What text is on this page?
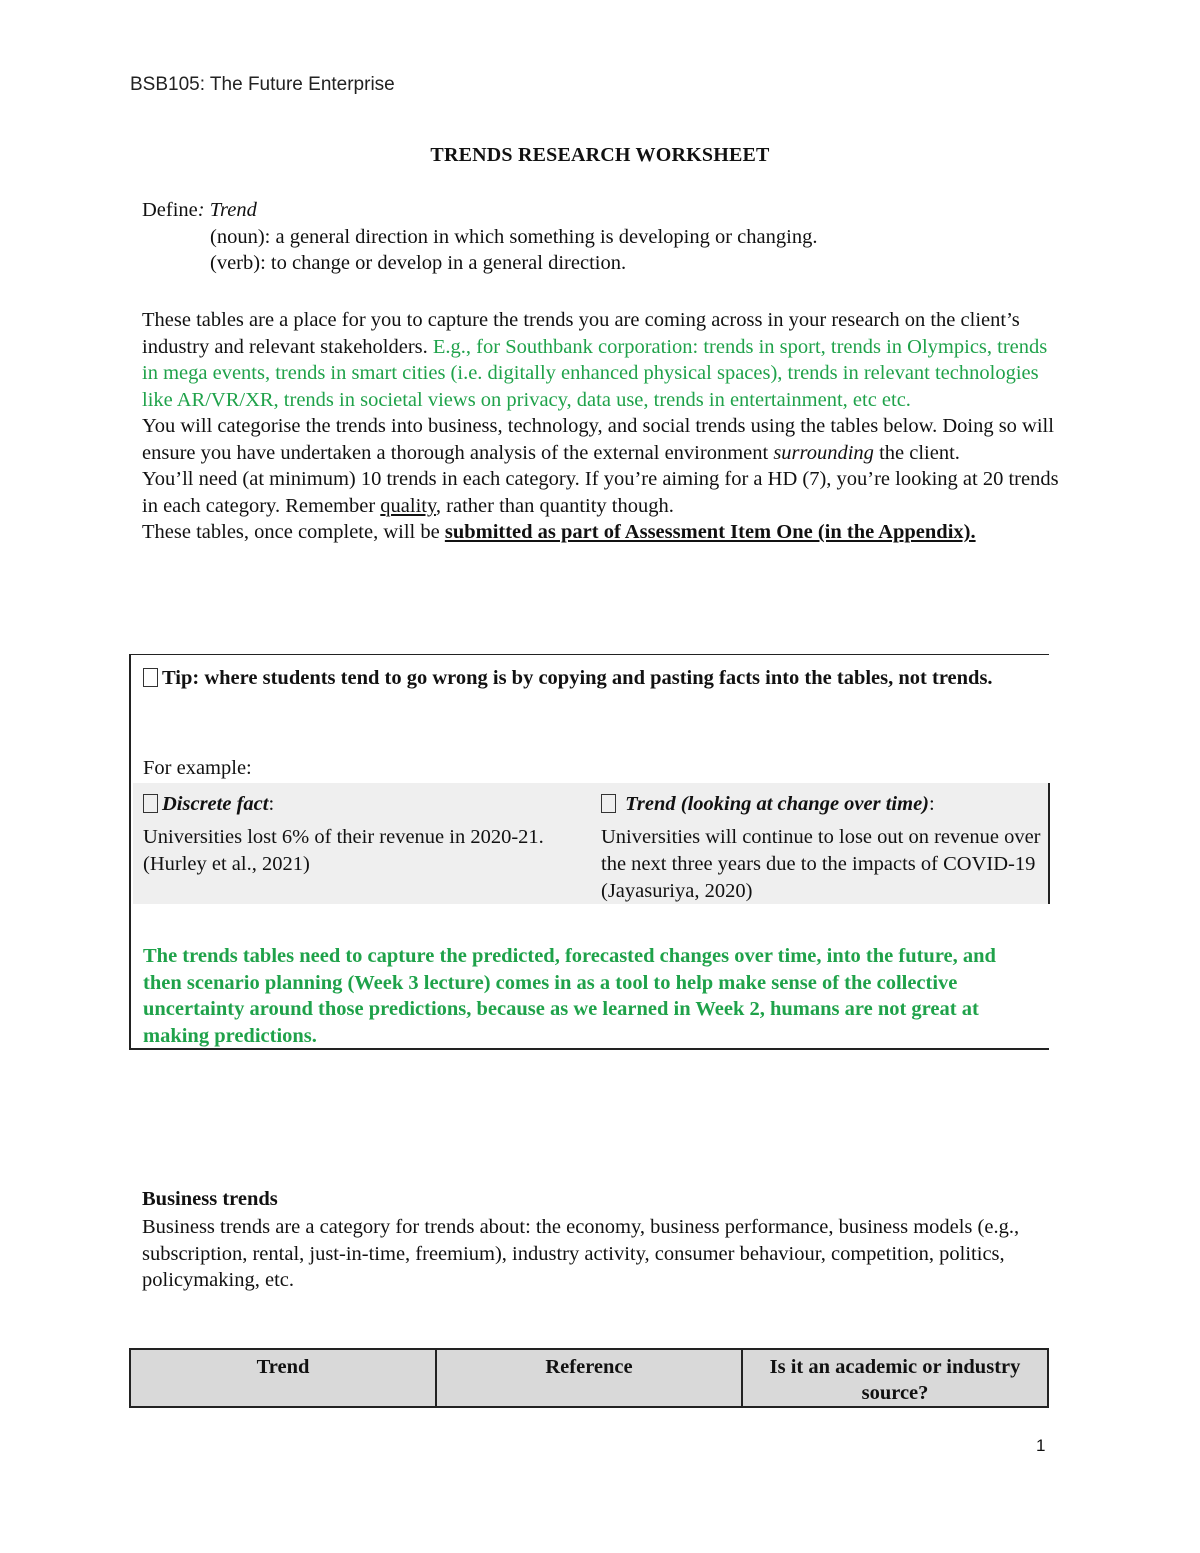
BSB105: The Future Enterprise
TRENDS RESEARCH WORKSHEET
Define: Trend
(noun): a general direction in which something is developing or changing.
(verb): to change or develop in a general direction.
These tables are a place for you to capture the trends you are coming across in your research on the client’s industry and relevant stakeholders. E.g., for Southbank corporation: trends in sport, trends in Olympics, trends in mega events, trends in smart cities (i.e. digitally enhanced physical spaces), trends in relevant technologies like AR/VR/XR, trends in societal views on privacy, data use, trends in entertainment, etc etc.
You will categorise the trends into business, technology, and social trends using the tables below. Doing so will ensure you have undertaken a thorough analysis of the external environment surrounding the client.
You’ll need (at minimum) 10 trends in each category. If you’re aiming for a HD (7), you’re looking at 20 trends in each category. Remember quality, rather than quantity though.
These tables, once complete, will be submitted as part of Assessment Item One (in the Appendix).
Tip: where students tend to go wrong is by copying and pasting facts into the tables, not trends.
For example:
Discrete fact:
Universities lost 6% of their revenue in 2020-21. (Hurley et al., 2021)
Trend (looking at change over time):
Universities will continue to lose out on revenue over the next three years due to the impacts of COVID-19 (Jayasuriya, 2020)
The trends tables need to capture the predicted, forecasted changes over time, into the future, and then scenario planning (Week 3 lecture) comes in as a tool to help make sense of the collective uncertainty around those predictions, because as we learned in Week 2, humans are not great at making predictions.
Business trends
Business trends are a category for trends about: the economy, business performance, business models (e.g., subscription, rental, just-in-time, freemium), industry activity, consumer behaviour, competition, politics, policymaking, etc.
Trend	Reference	Is it an academic or industry source?
1
